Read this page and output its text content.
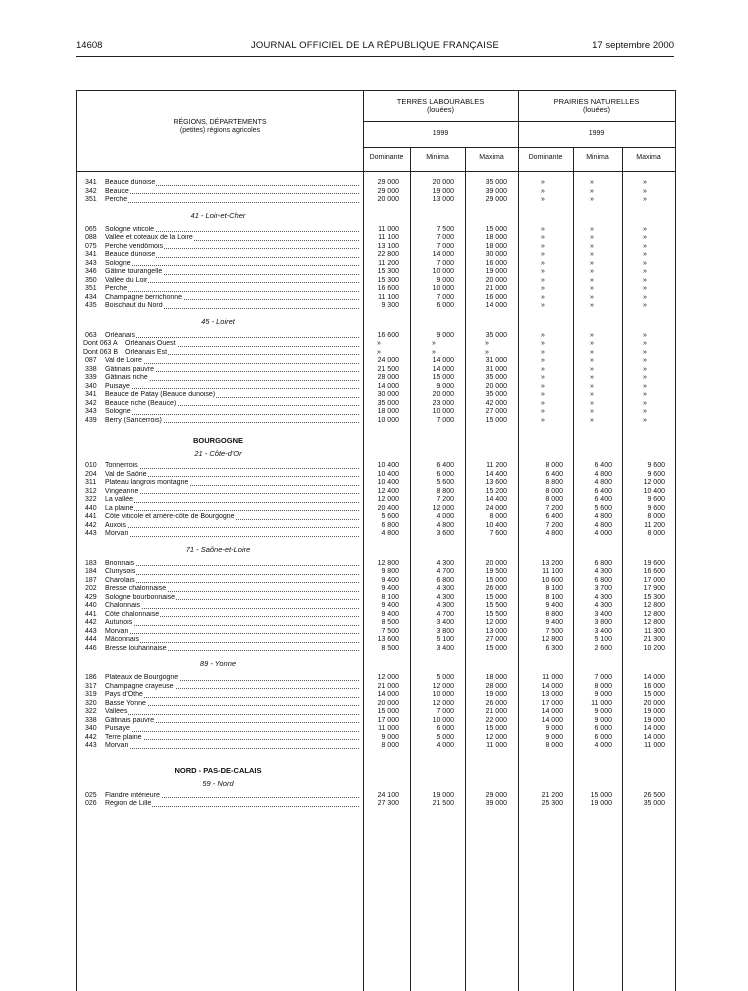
14608	JOURNAL OFFICIEL DE LA RÉPUBLIQUE FRANÇAISE	17 septembre 2000
RÉGIONS, DÉPARTEMENTS
(petites) régions agricoles
TERRES LABOURABLES
(louées)
PRAIRIES NATURELLES
(louées)
1999	1999
Dominante	Minima	Maxima	Dominante	Minima	Maxima
341	Beauce dunoise	29 000	20 000	35 000	»	»	»
342	Beauce	29 000	19 000	39 000	»	»	»
351	Perche	20 000	13 000	29 000	»	»	»
41 - Loir-et-Cher
065	Sologne viticole	11 000	7 500	15 000	»	»	»
088	Vallée et coteaux de la Loire	11 100	7 000	18 000	»	»	»
075	Perche vendômois	13 100	7 000	18 000	»	»	»
341	Beauce dunoise	22 800	14 000	30 000	»	»	»
343	Sologne	11 200	7 000	16 000	»	»	»
346	Gâtine tourangelle	15 300	10 000	19 000	»	»	»
350	Vallée du Loir	15 300	9 000	20 000	»	»	»
351	Perche	16 600	10 000	21 000	»	»	»
434	Champagne berrichonne	11 100	7 000	16 000	»	»	»
435	Boischaut du Nord	9 300	6 000	14 000	»	»	»
45 - Loiret
063	Orléanais	16 600	9 000	35 000	»	»	»
Dont 063 A Orléanais Ouest	»	»	»	»	»	»
Dont 063 B Orléanais Est	»	»	»	»	»	»
087	Val de Loire	24 000	14 000	31 000	»	»	»
338	Gâtinais pauvre	21 500	14 000	31 000	»	»	»
339	Gâtinais riche	28 000	15 000	35 000	»	»	»
340	Puisaye	14 000	9 000	20 000	»	»	»
341	Beauce de Patay (Beauce dunoise)	30 000	20 000	35 000	»	»	»
342	Beauce riche (Beauce)	35 000	23 000	42 000	»	»	»
343	Sologne	18 000	10 000	27 000	»	»	»
439	Berry (Sancerrois)	10 000	7 000	15 000	»	»	»
BOURGOGNE
21 - Côte-d'Or
010	Tonnerrois	10 400	6 400	11 200	8 000	6 400	9 600
204	Val de Saône	10 400	6 000	14 400	6 400	4 800	9 600
311	Plateau langrois montagne	10 400	5 600	13 600	8 800	4 800	12 000
312	Vingeanne	12 400	8 800	15 200	8 000	6 400	10 400
322	La vallée	12 000	7 200	14 400	8 000	6 400	9 600
440	La plaine	20 400	12 000	24 000	7 200	5 600	9 600
441	Côte viticole et arrière-côte de Bourgogne	5 600	4 000	8 000	6 400	4 800	8 000
442	Auxois	6 800	4 800	10 400	7 200	4 800	11 200
443	Morvan	4 800	3 600	7 600	4 800	4 000	8 000
71 - Saône-et-Loire
183	Brionnais	12 800	4 300	20 000	13 200	6 800	19 600
184	Clunysois	9 800	4 700	19 500	11 100	4 300	16 600
187	Charolais	9 400	6 800	15 000	10 600	6 800	17 000
202	Bresse chalonnaise	9 400	4 300	26 000	8 100	3 700	17 900
429	Sologne bourbonnaise	8 100	4 300	15 000	8 100	4 300	15 300
440	Chalonnais	9 400	4 300	15 500	9 400	4 300	12 800
441	Côte chalonnaise	9 400	4 700	15 500	8 800	3 400	12 800
442	Autunois	8 500	3 400	12 000	9 400	3 800	12 800
443	Morvan	7 500	3 800	13 000	7 500	3 400	11 300
444	Mâconnais	13 600	5 100	27 000	12 800	5 100	21 300
446	Bresse louhannaise	8 500	3 400	15 000	6 300	2 600	10 200
89 - Yonne
186	Plateaux de Bourgogne	12 000	5 000	18 000	11 000	7 000	14 000
317	Champagne crayeuse	21 000	12 000	28 000	14 000	8 000	16 000
319	Pays d'Othe	14 000	10 000	19 000	13 000	9 000	15 000
320	Basse Yonne	20 000	12 000	26 000	17 000	11 000	20 000
322	Vallées	15 000	7 000	21 000	14 000	9 000	19 000
338	Gâtinais pauvre	17 000	10 000	22 000	14 000	9 000	19 000
340	Puisaye	11 000	6 000	15 000	9 000	6 000	14 000
442	Terre plaine	9 000	5 000	12 000	9 000	6 000	14 000
443	Morvan	8 000	4 000	11 000	8 000	4 000	11 000
NORD - PAS-DE-CALAIS
59 - Nord
025	Flandre intérieure	24 100	19 000	29 000	21 200	15 000	26 500
026	Région de Lille	27 300	21 500	39 000	25 300	19 000	35 000
